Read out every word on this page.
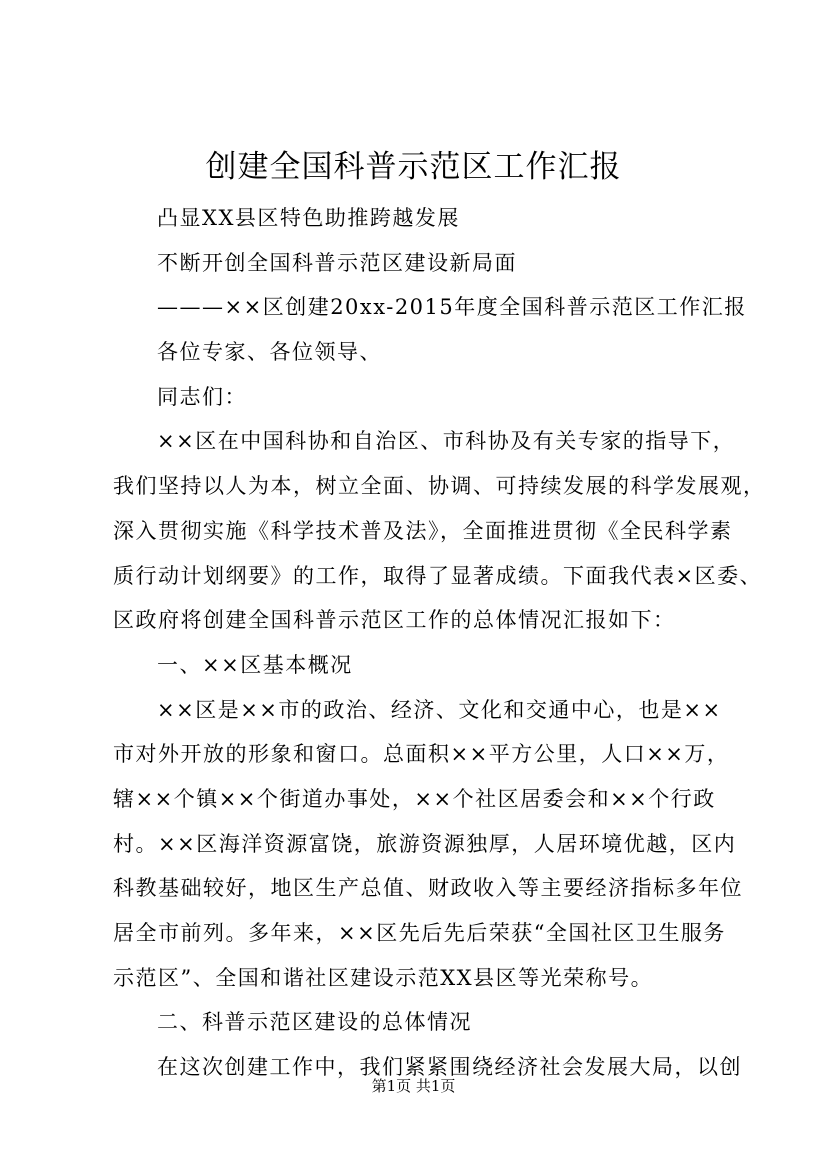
创建全国科普示范区工作汇报
凸显XX县区特色助推跨越发展
不断开创全国科普示范区建设新局面
———××区创建20xx-2015年度全国科普示范区工作汇报
各位专家、各位领导、
同志们：
××区在中国科协和自治区、市科协及有关专家的指导下，
我们坚持以人为本，树立全面、协调、可持续发展的科学发展观，
深入贯彻实施《科学技术普及法》，全面推进贯彻《全民科学素
质行动计划纲要》的工作，取得了显著成绩。下面我代表×区委、
区政府将创建全国科普示范区工作的总体情况汇报如下：
一、××区基本概况
××区是××市的政治、经济、文化和交通中心，也是××
市对外开放的形象和窗口。总面积××平方公里，人口××万，
辖××个镇××个街道办事处，××个社区居委会和××个行政
村。××区海洋资源富饶，旅游资源独厚，人居环境优越，区内
科教基础较好，地区生产总值、财政收入等主要经济指标多年位
居全市前列。多年来，××区先后先后荣获“全国社区卫生服务
示范区”、全国和谐社区建设示范XX县区等光荣称号。
二、科普示范区建设的总体情况
在这次创建工作中，我们紧紧围绕经济社会发展大局，以创
第1页 共1页
